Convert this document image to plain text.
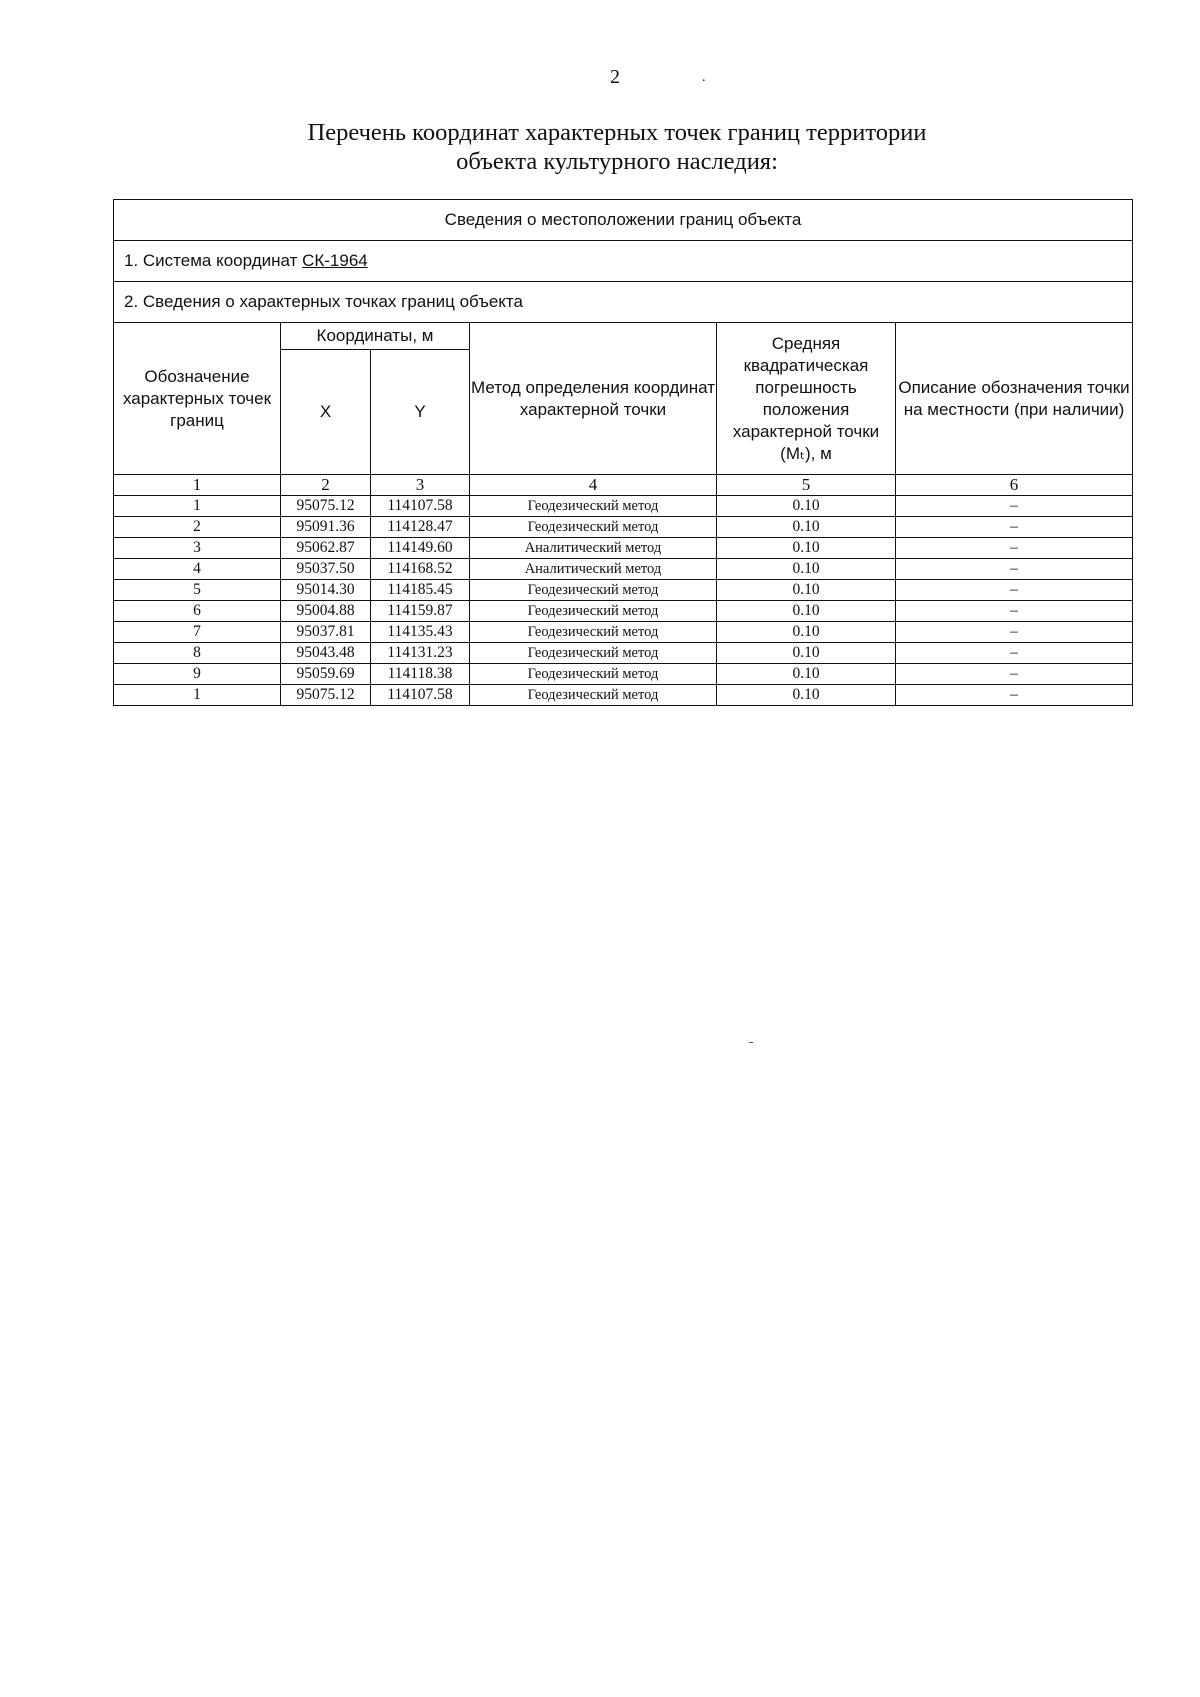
2	.
Перечень координат характерных точек границ территории
объекта культурного наследия:
Сведения о местоположении границ объекта					
1. Система координат СК-1964					
2. Сведения о характерных точках границ объекта					
Обозначение характерных точек границ	Координаты, м		Метод определения координат характерной точки	Средняя квадратическая погрешность положения характерной точки (Mₜ), м	Описание обозначения точки на местности (при наличии)
	X	Y			
1	2	3	4	5	6
1	95075.12	114107.58	Геодезический метод	0.10	–
2	95091.36	114128.47	Геодезический метод	0.10	–
3	95062.87	114149.60	Аналитический метод	0.10	–
4	95037.50	114168.52	Аналитический метод	0.10	–
5	95014.30	114185.45	Геодезический метод	0.10	–
6	95004.88	114159.87	Геодезический метод	0.10	–
7	95037.81	114135.43	Геодезический метод	0.10	–
8	95043.48	114131.23	Геодезический метод	0.10	–
9	95059.69	114118.38	Геодезический метод	0.10	–
1	95075.12	114107.58	Геодезический метод	0.10	–
